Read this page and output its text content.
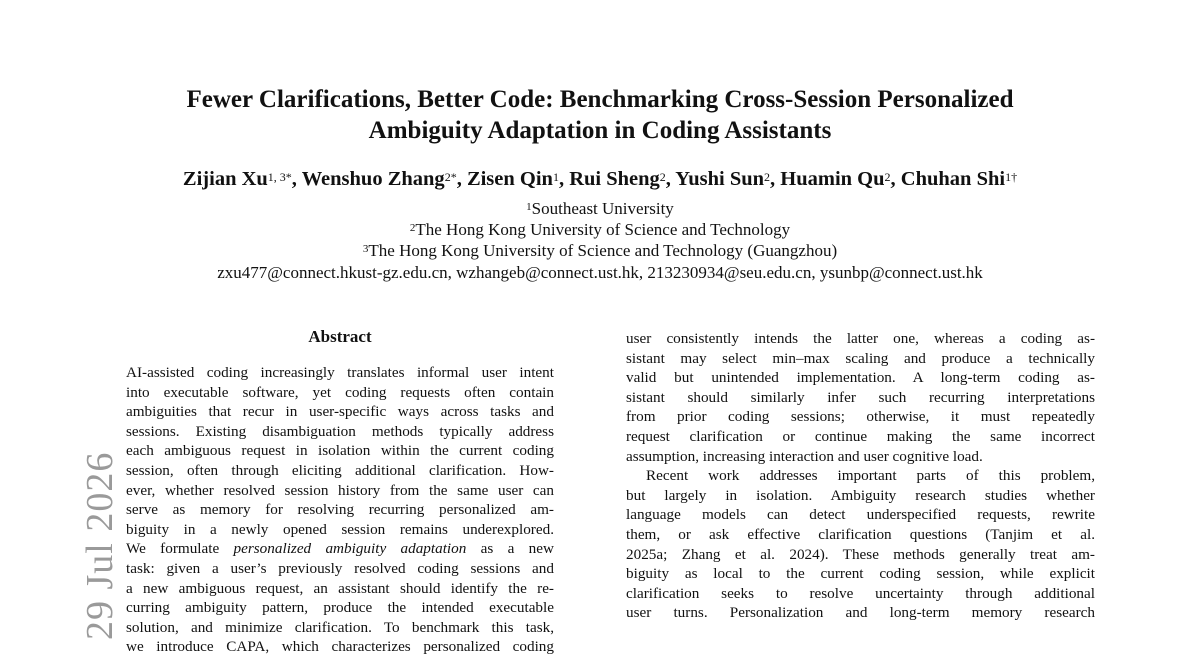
Fewer Clarifications, Better Code: Benchmarking Cross-Session Personalized
Ambiguity Adaptation in Coding Assistants
Zijian $Xu^{1, 3*}$, Wenshuo Zhang$^{2*}$, Zisen Qin$^1$, Rui Sheng$^2$, Yushi Sun$^2$, Huamin Qu$^2$, Chuhan Shi$^{1\dagger}$
$^1$Southeast University
$^2$The Hong Kong University of Science and Technology
$^3$The Hong Kong University of Science and Technology (Guangzhou)
zxu477@connect.hkust-gz.edu.cn, wzhangeb@connect.ust.hk, 213230934@seu.edu.cn, ysunbp@connect.ust.hk
Abstract
AI-assisted coding increasingly translates informal user intent
into executable software, yet coding requests often contain
ambiguities that recur in user-specific ways across tasks and
sessions. Existing disambiguation methods typically address
each ambiguous request in isolation within the current coding
session, often through eliciting additional clarification. How-
ever, whether resolved session history from the same user can
serve as memory for resolving recurring personalized am-
biguity in a newly opened session remains underexplored.
We formulate personalized ambiguity adaptation as a new
task: given a user’s previously resolved coding sessions and
a new ambiguous request, an assistant should identify the re-
curring ambiguity pattern, produce the intended executable
solution, and minimize clarification. To benchmark this task,
we introduce CAPA, which characterizes personalized coding
user consistently intends the latter one, whereas a coding as-
sistant may select min–max scaling and produce a technically
valid but unintended implementation. A long-term coding as-
sistant should similarly infer such recurring interpretations
from prior coding sessions; otherwise, it must repeatedly
request clarification or continue making the same incorrect
assumption, increasing interaction and user cognitive load.
Recent work addresses important parts of this problem,
but largely in isolation. Ambiguity research studies whether
language models can detect underspecified requests, rewrite
them, or ask effective clarification questions (Tanjim et al.
2025a; Zhang et al. 2024). These methods generally treat am-
biguity as local to the current coding session, while explicit
clarification seeks to resolve uncertainty through additional
user turns. Personalization and long-term memory research
29 Jul 2026
